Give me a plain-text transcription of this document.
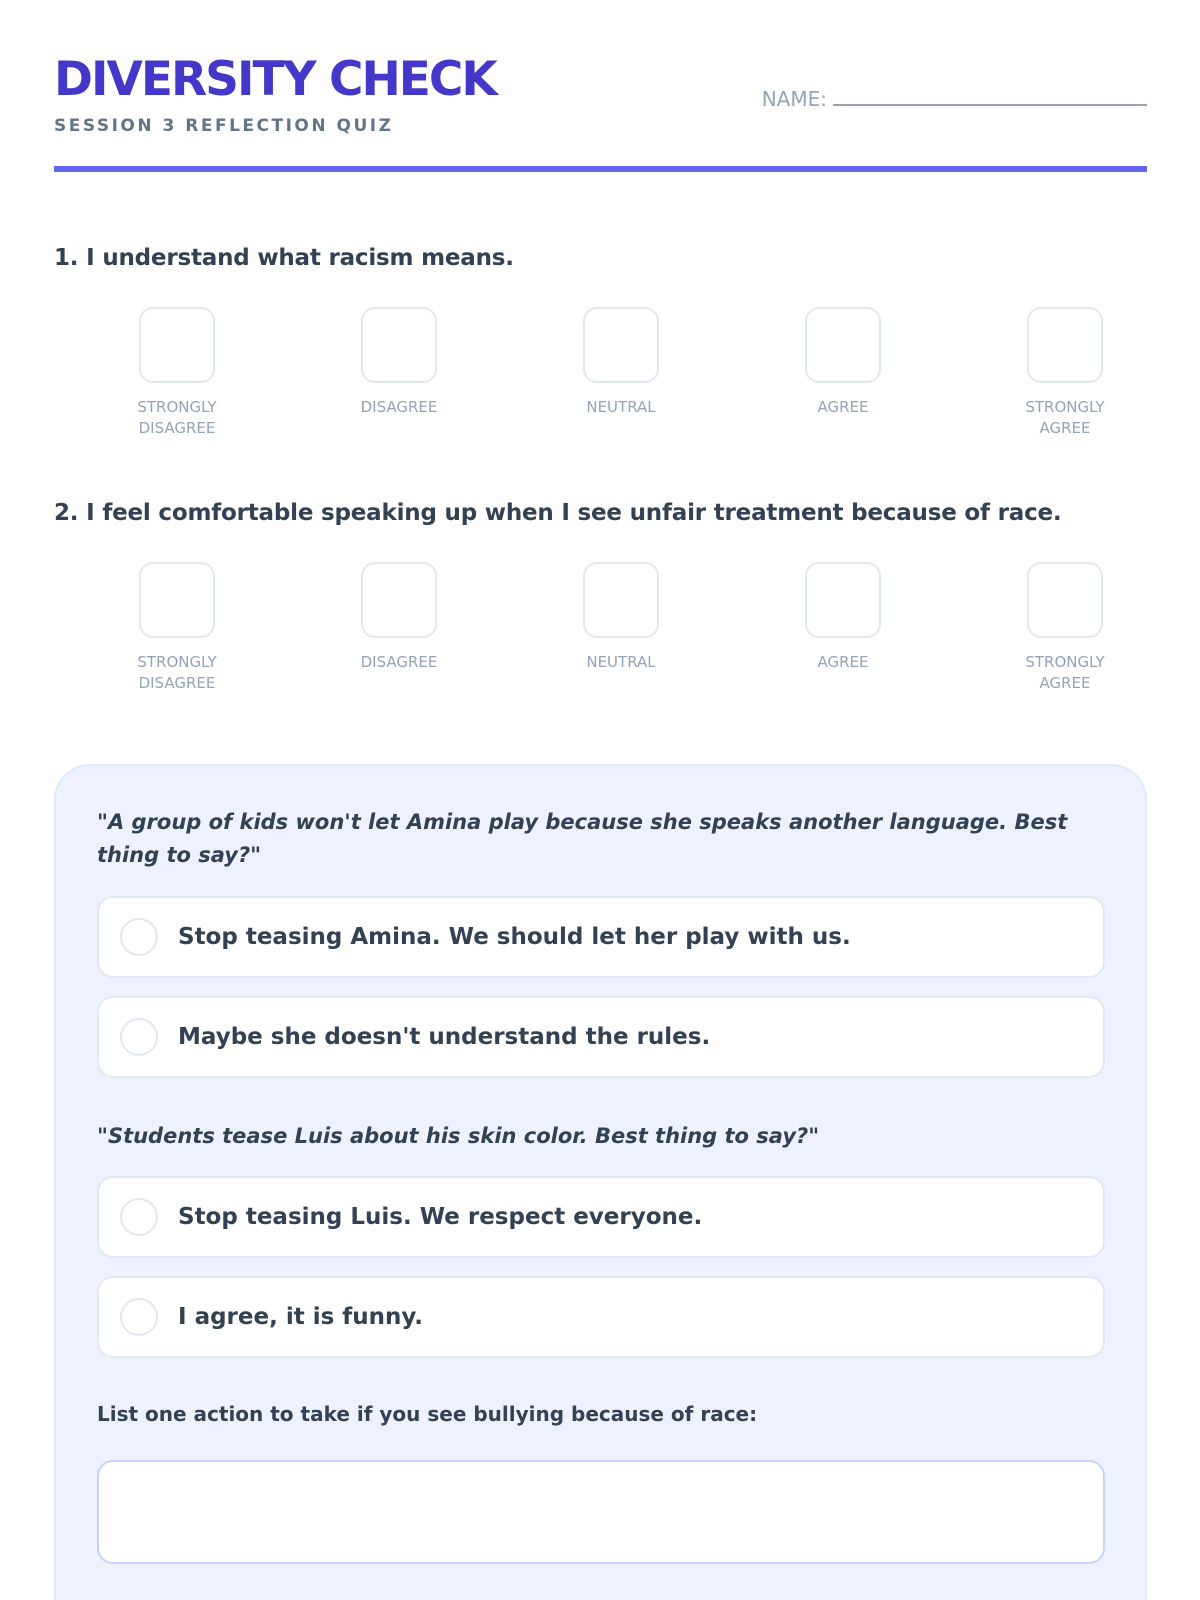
DIVERSITY CHECK
SESSION 3 REFLECTION QUIZ
NAME:

1. I understand what racism means.

STRONGLY
DISAGREE
DISAGREE	NEUTRAL	AGREE	STRONGLY
AGREE

2. I feel comfortable speaking up when I see unfair treatment because of race.

STRONGLY
DISAGREE
DISAGREE	NEUTRAL	AGREE	STRONGLY
AGREE

"A group of kids won't let Amina play because she speaks another language. Best thing to say?"

Stop teasing Amina. We should let her play with us.
Maybe she doesn't understand the rules.

"Students tease Luis about his skin color. Best thing to say?"

Stop teasing Luis. We respect everyone.
I agree, it is funny.
List one action to take if you see bullying because of race:
